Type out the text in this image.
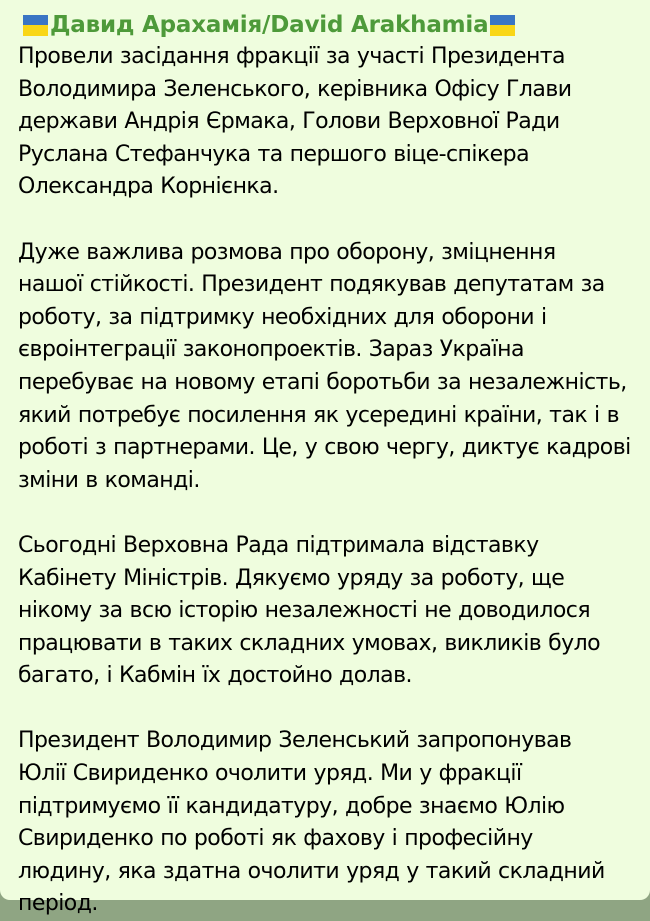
Давид Арахамія/David Arakhamia

Провели засідання фракції за участі Президента
Володимира Зеленського, керівника Офісу Глави
держави Андрія Єрмака, Голови Верховної Ради
Руслана Стефанчука та першого віце-спікера
Олександра Корнієнка.

Дуже важлива розмова про оборону, зміцнення
нашої стійкості. Президент подякував депутатам за
роботу, за підтримку необхідних для оборони і
євроінтеграції законопроектів. Зараз Україна
перебуває на новому етапі боротьби за незалежність,
який потребує посилення як усередині країни, так і в
роботі з партнерами. Це, у свою чергу, диктує кадрові
зміни в команді.

Сьогодні Верховна Рада підтримала відставку
Кабінету Міністрів. Дякуємо уряду за роботу, ще
нікому за всю історію незалежності не доводилося
працювати в таких складних умовах, викликів було
багато, і Кабмін їх достойно долав.

Президент Володимир Зеленський запропонував
Юлії Свириденко очолити уряд. Ми у фракції
підтримуємо її кандидатуру, добре знаємо Юлію
Свириденко по роботі як фахову і професійну
людину, яка здатна очолити уряд у такий складний
період.
